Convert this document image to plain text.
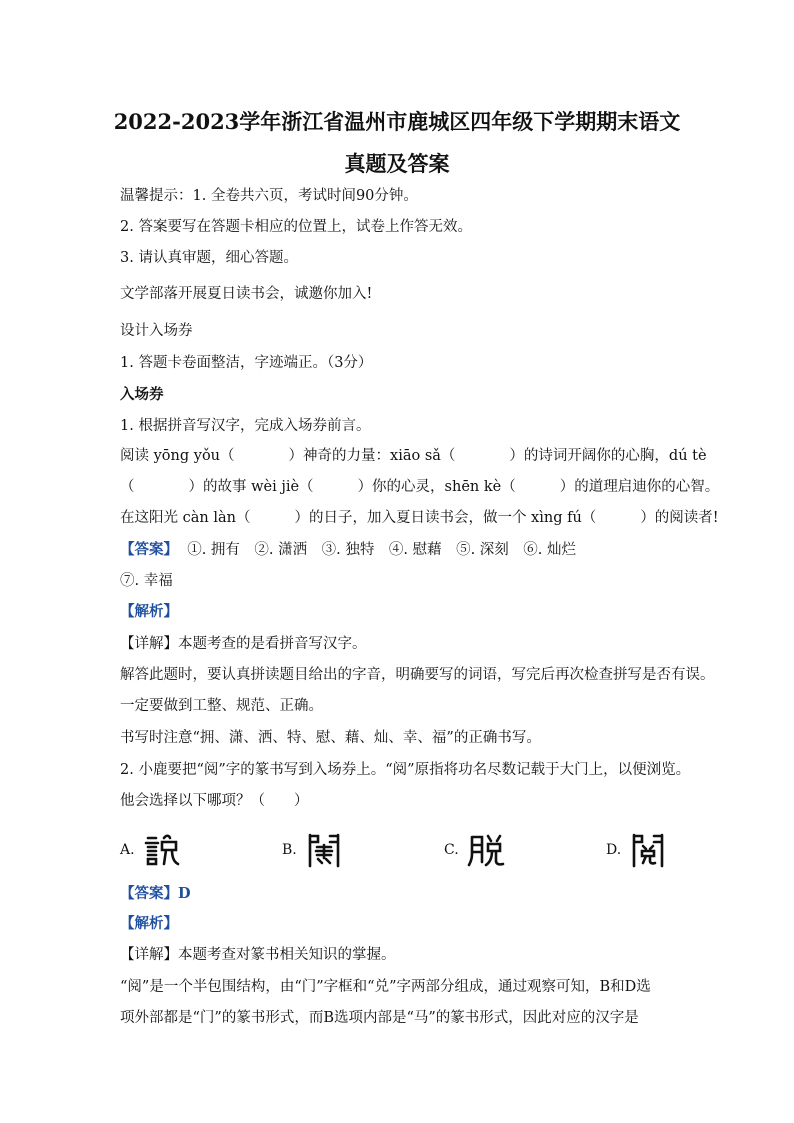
2022-2023学年浙江省温州市鹿城区四年级下学期期末语文
真题及答案
温馨提示：1. 全卷共六页，考试时间90分钟。
2. 答案要写在答题卡相应的位置上，试卷上作答无效。
3. 请认真审题，细心答题。
文学部落开展夏日读书会，诚邀你加入!
设计入场券
1. 答题卡卷面整洁，字迹端正。（3分）
入场券
1. 根据拼音写汉字，完成入场券前言。
阅读 yōng yǒu（	）神奇的力量：xiāo sǎ（	）的诗词开阔你的心胸，dú tè
（	）的故事 wèi jiè（	）你的心灵，shēn kè（	）的道理启迪你的心智。
在这阳光 càn làn（	）的日子，加入夏日读书会，做一个 xìng fú（	）的阅读者!
【答案】 ①. 拥有　②. 潇洒　③. 独特　④. 慰藉　⑤. 深刻　⑥. 灿烂
⑦. 幸福
【解析】
【详解】本题考查的是看拼音写汉字。
解答此题时，要认真拼读题目给出的字音，明确要写的词语，写完后再次检查拼写是否有误。
一定要做到工整、规范、正确。
书写时注意“拥、潇、洒、特、慰、藉、灿、幸、福”的正确书写。
2. 小鹿要把“阅”字的篆书写到入场券上。“阅”原指将功名尽数记载于大门上，以便浏览。
他会选择以下哪项？（　　）
A.	B.	C.	D.
【答案】D
【解析】
【详解】本题考查对篆书相关知识的掌握。
“阅”是一个半包围结构，由“门”字框和“兑”字两部分组成，通过观察可知，B和D选
项外部都是“门”的篆书形式，而B选项内部是“马”的篆书形式，因此对应的汉字是
